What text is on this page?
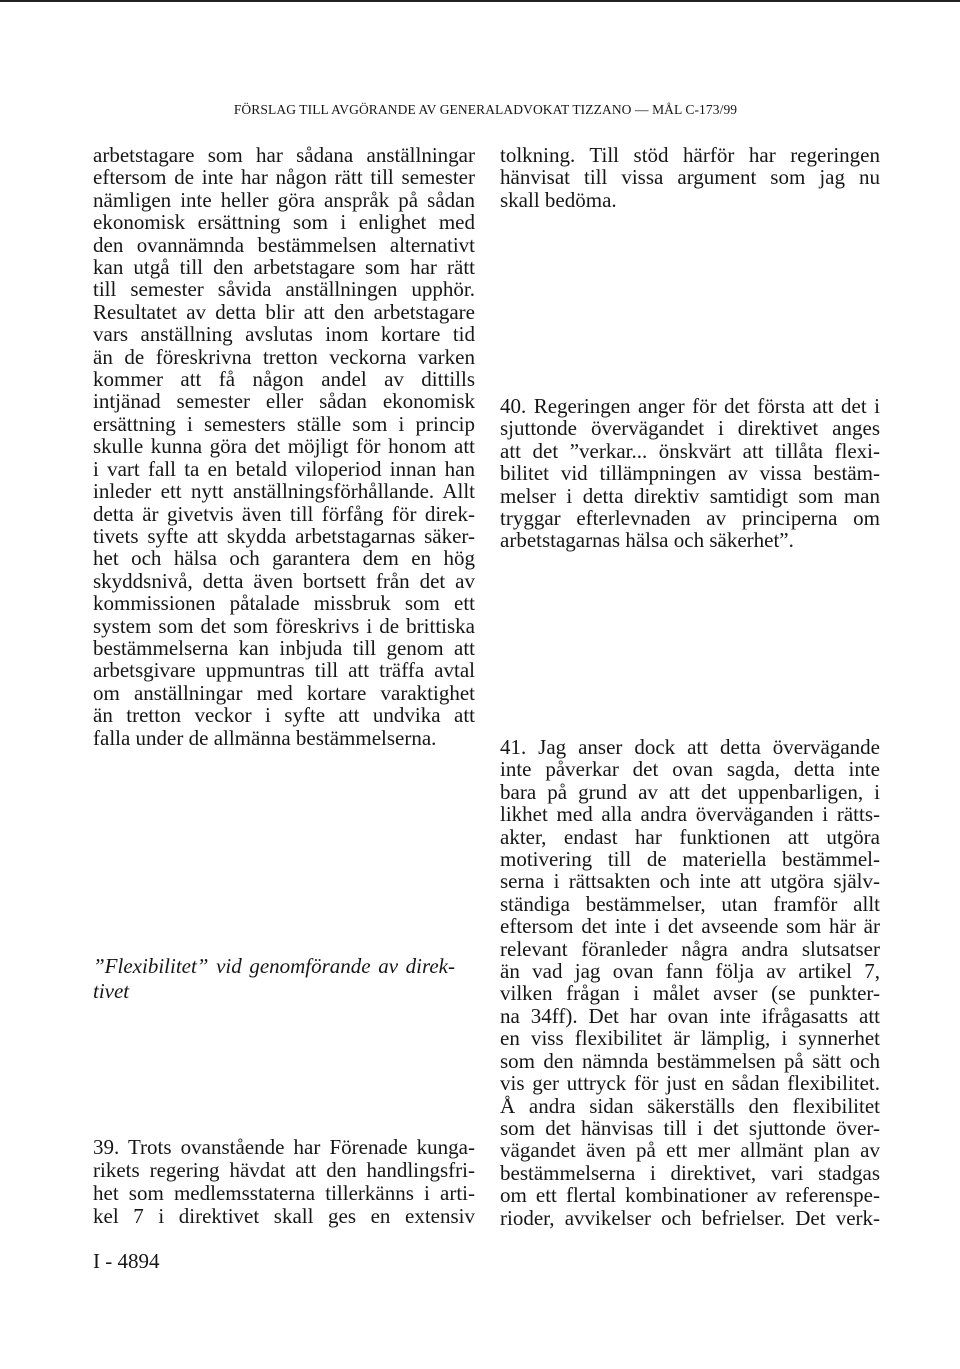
FÖRSLAG TILL AVGÖRANDE AV GENERALADVOKAT TIZZANO — MÅL C-173/99
arbetstagare som har sådana anställningar
eftersom de inte har någon rätt till semester
nämligen inte heller göra anspråk på sådan
ekonomisk ersättning som i enlighet med
den ovannämnda bestämmelsen alternativt
kan utgå till den arbetstagare som har rätt
till semester såvida anställningen upphör.
Resultatet av detta blir att den arbetstagare
vars anställning avslutas inom kortare tid
än de föreskrivna tretton veckorna varken
kommer att få någon andel av dittills
intjänad semester eller sådan ekonomisk
ersättning i semesters ställe som i princip
skulle kunna göra det möjligt för honom att
i vart fall ta en betald viloperiod innan han
inleder ett nytt anställningsförhållande. Allt
detta är givetvis även till förfång för direk-
tivets syfte att skydda arbetstagarnas säker-
het och hälsa och garantera dem en hög
skyddsnivå, detta även bortsett från det av
kommissionen påtalade missbruk som ett
system som det som föreskrivs i de brittiska
bestämmelserna kan inbjuda till genom att
arbetsgivare uppmuntras till att träffa avtal
om anställningar med kortare varaktighet
än tretton veckor i syfte att undvika att
falla under de allmänna bestämmelserna.
”Flexibilitet” vid genomförande av direk-
tivet
39. Trots ovanstående har Förenade kunga-
rikets regering hävdat att den handlingsfri-
het som medlemsstaterna tillerkänns i arti-
kel 7 i direktivet skall ges en extensiv
tolkning. Till stöd härför har regeringen
hänvisat till vissa argument som jag nu
skall bedöma.
40. Regeringen anger för det första att det i
sjuttonde övervägandet i direktivet anges
att det ”verkar... önskvärt att tillåta flexi-
bilitet vid tillämpningen av vissa bestäm-
melser i detta direktiv samtidigt som man
tryggar efterlevnaden av principerna om
arbetstagarnas hälsa och säkerhet”.
41. Jag anser dock att detta övervägande
inte påverkar det ovan sagda, detta inte
bara på grund av att det uppenbarligen, i
likhet med alla andra överväganden i rätts-
akter, endast har funktionen att utgöra
motivering till de materiella bestämmel-
serna i rättsakten och inte att utgöra själv-
ständiga bestämmelser, utan framför allt
eftersom det inte i det avseende som här är
relevant föranleder några andra slutsatser
än vad jag ovan fann följa av artikel 7,
vilken frågan i målet avser (se punkter-
na 34ff). Det har ovan inte ifrågasatts att
en viss flexibilitet är lämplig, i synnerhet
som den nämnda bestämmelsen på sätt och
vis ger uttryck för just en sådan flexibilitet.
Å andra sidan säkerställs den flexibilitet
som det hänvisas till i det sjuttonde över-
vägandet även på ett mer allmänt plan av
bestämmelserna i direktivet, vari stadgas
om ett flertal kombinationer av referenspe-
rioder, avvikelser och befrielser. Det verk-
I - 4894
